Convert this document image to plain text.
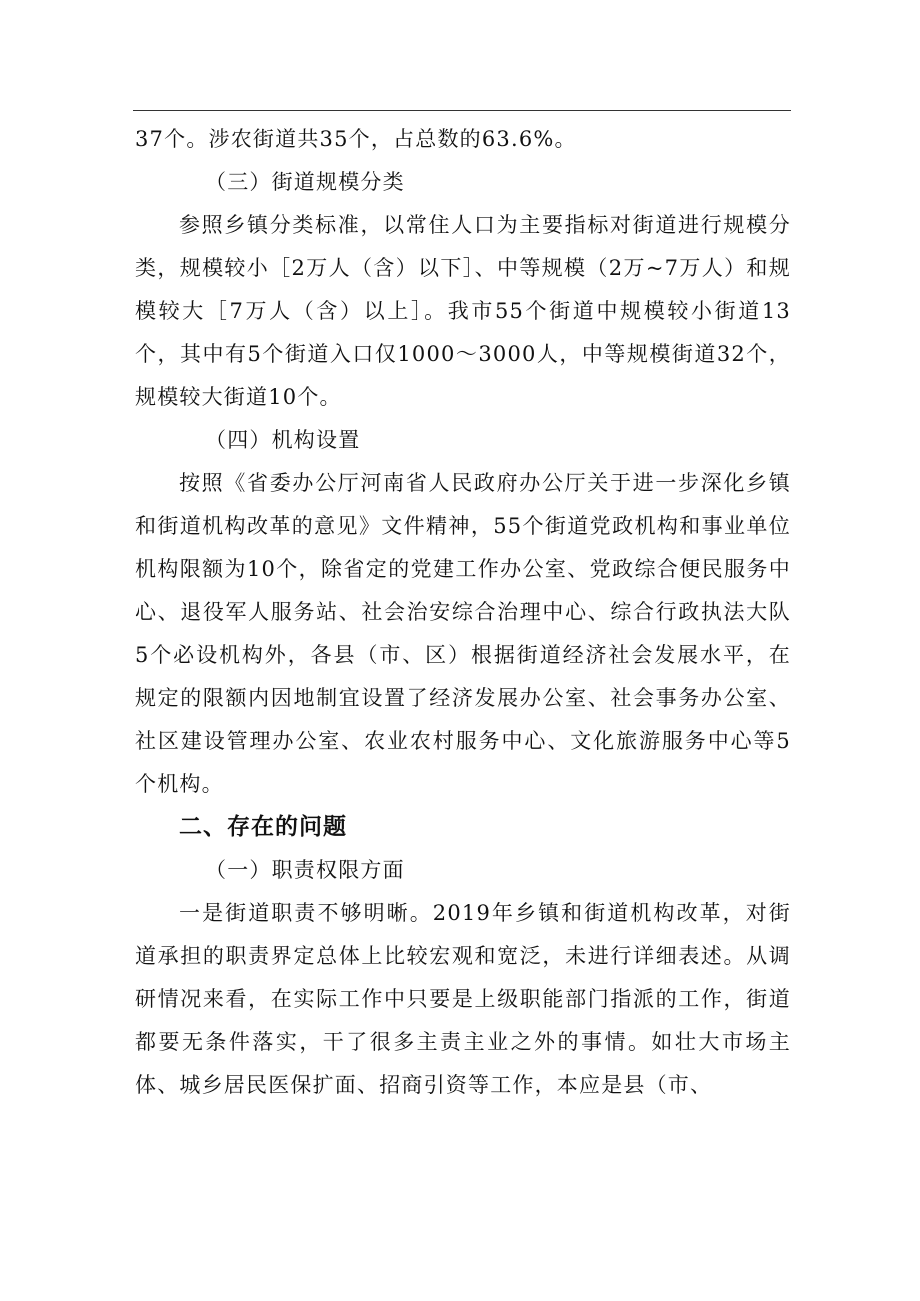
37个。涉农街道共35个，占总数的63.6%。

（三）街道规模分类

参照乡镇分类标准，以常住人口为主要指标对街道进行规模分类，规模较小［2万人（含）以下］、中等规模（2万~7万人）和规模较大［7万人（含）以上］。我市55个街道中规模较小街道13个，其中有5个街道入口仅1000～3000人，中等规模街道32个，规模较大街道10个。

（四）机构设置

按照《省委办公厅河南省人民政府办公厅关于进一步深化乡镇和街道机构改革的意见》文件精神，55个街道党政机构和事业单位机构限额为10个，除省定的党建工作办公室、党政综合便民服务中心、退役军人服务站、社会治安综合治理中心、综合行政执法大队5个必设机构外，各县（市、区）根据街道经济社会发展水平，在规定的限额内因地制宜设置了经济发展办公室、社会事务办公室、社区建设管理办公室、农业农村服务中心、文化旅游服务中心等5个机构。

二、存在的问题

（一）职责权限方面

一是街道职责不够明晰。2019年乡镇和街道机构改革，对街道承担的职责界定总体上比较宏观和宽泛，未进行详细表述。从调研情况来看，在实际工作中只要是上级职能部门指派的工作，街道都要无条件落实，干了很多主责主业之外的事情。如壮大市场主体、城乡居民医保扩面、招商引资等工作，本应是县（市、
